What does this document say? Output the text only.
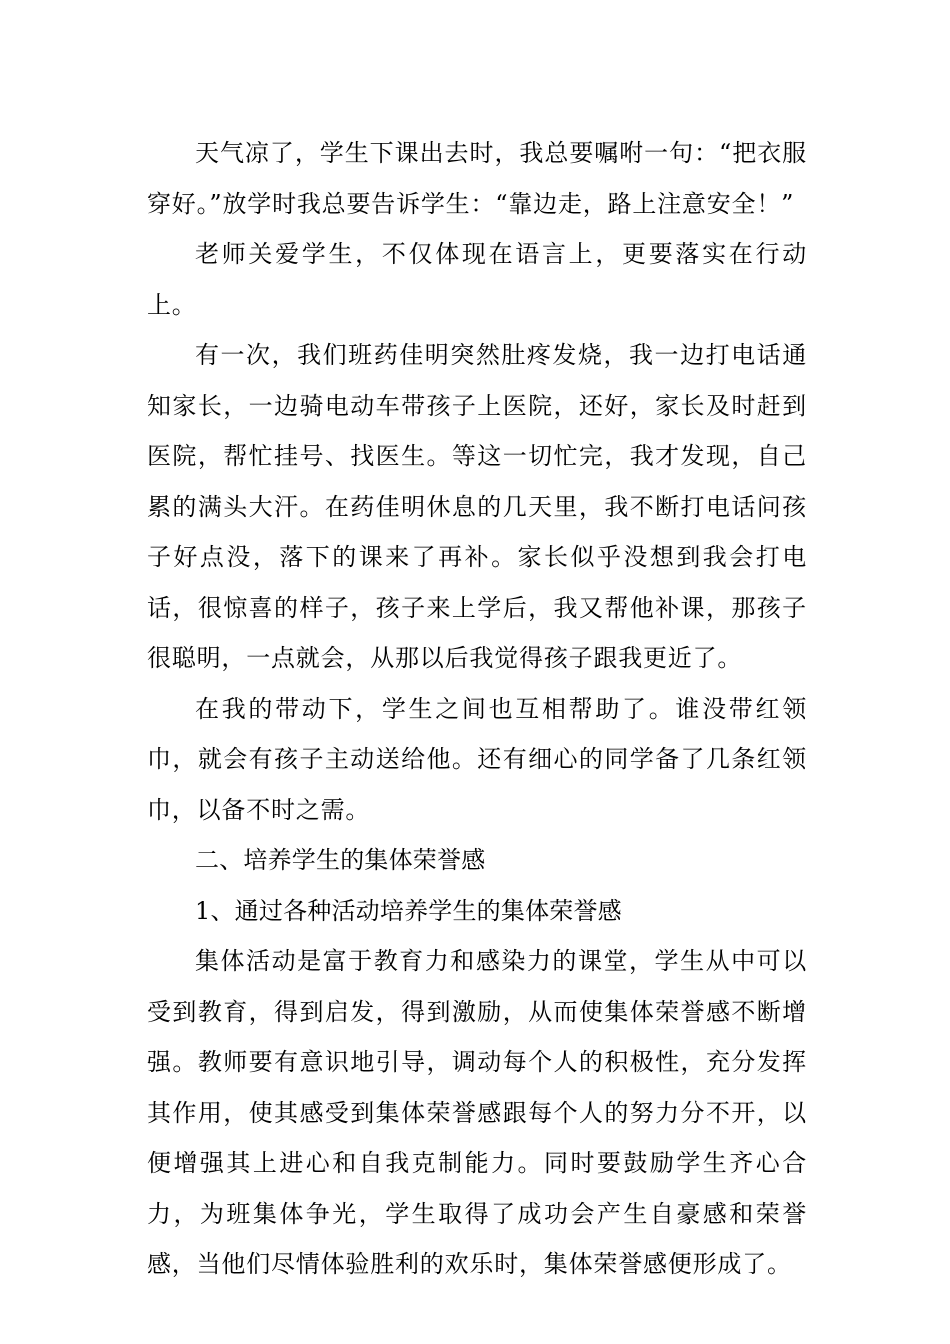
天气凉了，学生下课出去时，我总要嘱咐一句：“把衣服穿好。”放学时我总要告诉学生：“靠边走，路上注意安全！”

老师关爱学生，不仅体现在语言上，更要落实在行动上。

有一次，我们班药佳明突然肚疼发烧，我一边打电话通知家长，一边骑电动车带孩子上医院，还好，家长及时赶到医院，帮忙挂号、找医生。等这一切忙完，我才发现，自己累的满头大汗。在药佳明休息的几天里，我不断打电话问孩子好点没，落下的课来了再补。家长似乎没想到我会打电话，很惊喜的样子，孩子来上学后，我又帮他补课，那孩子很聪明，一点就会，从那以后我觉得孩子跟我更近了。

在我的带动下，学生之间也互相帮助了。谁没带红领巾，就会有孩子主动送给他。还有细心的同学备了几条红领巾，以备不时之需。

二、培养学生的集体荣誉感

1、通过各种活动培养学生的集体荣誉感

集体活动是富于教育力和感染力的课堂，学生从中可以受到教育，得到启发，得到激励，从而使集体荣誉感不断增强。教师要有意识地引导，调动每个人的积极性，充分发挥其作用，使其感受到集体荣誉感跟每个人的努力分不开，以便增强其上进心和自我克制能力。同时要鼓励学生齐心合力，为班集体争光，学生取得了成功会产生自豪感和荣誉感，当他们尽情体验胜利的欢乐时，集体荣誉感便形成了。
